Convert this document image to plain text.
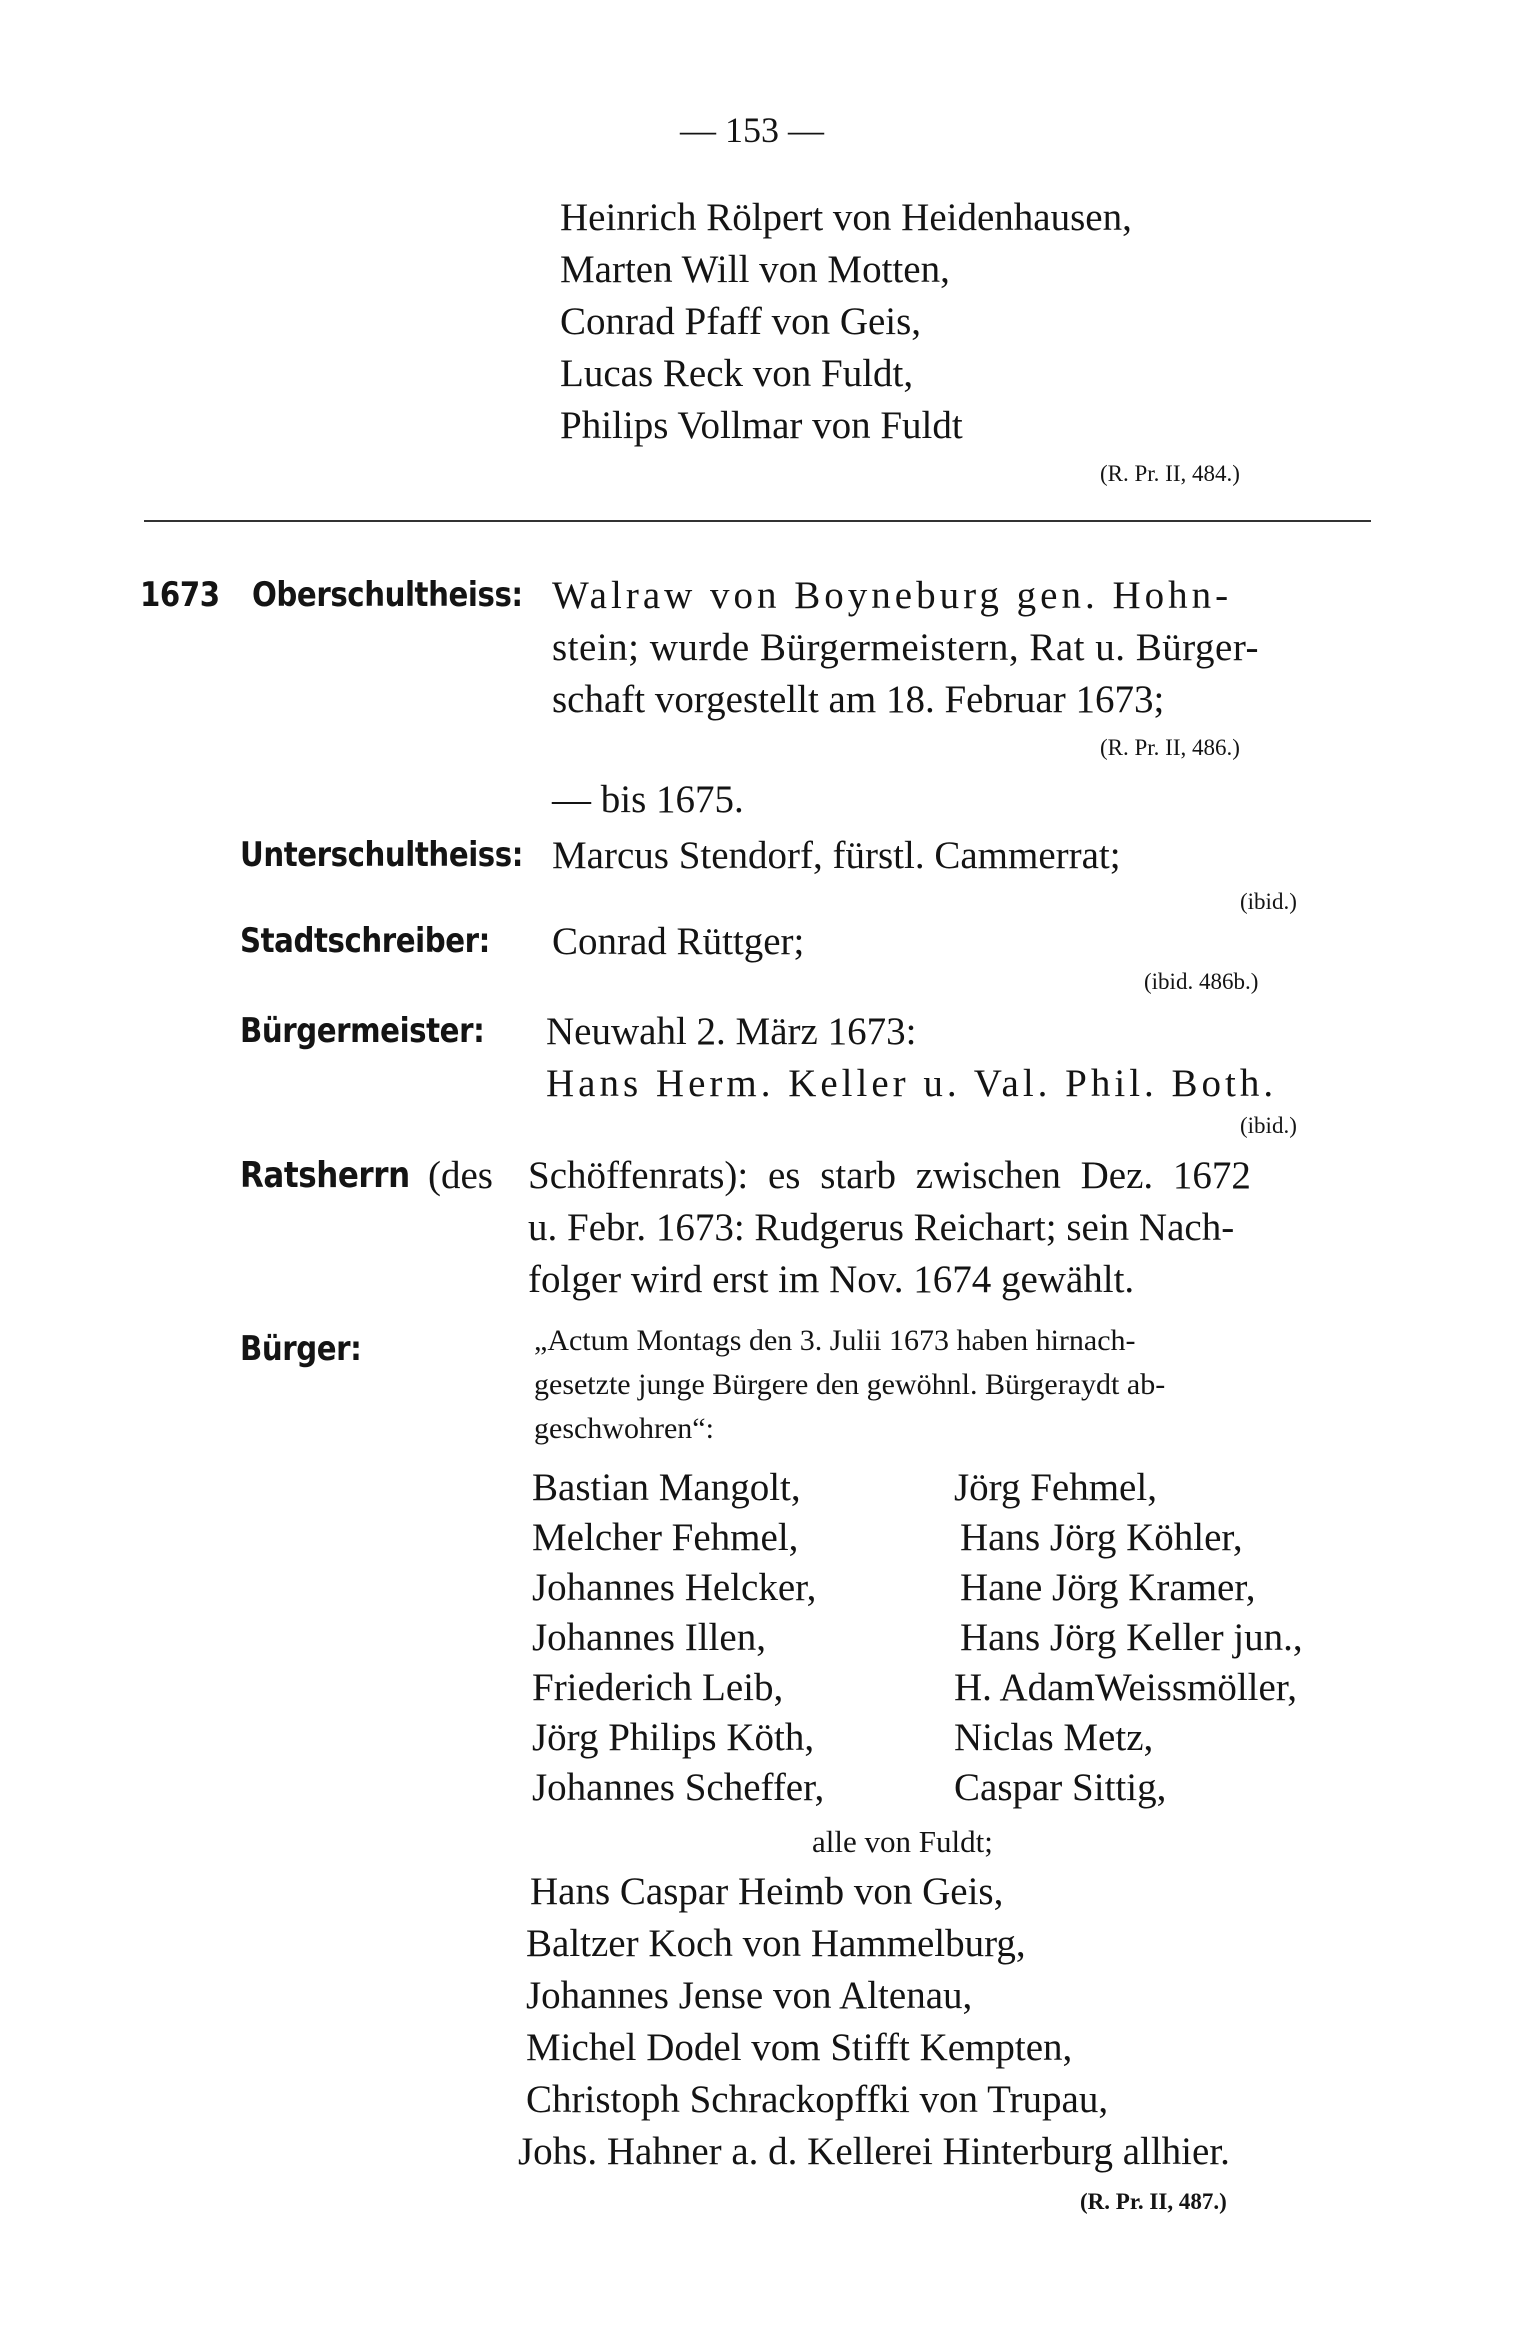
— 153 —
Heinrich Rölpert von Heidenhausen,
Marten Will von Motten,
Conrad Pfaff von Geis,
Lucas Reck von Fuldt,
Philips Vollmar von Fuldt
(R. Pr. II, 484.)
1673 Oberschultheiss: Walraw von Boyneburg gen. Hohn-
stein; wurde Bürgermeistern, Rat u. Bürger-
schaft vorgestellt am 18. Februar 1673;
(R. Pr. II, 486.)
— bis 1675.
Unterschultheiss: Marcus Stendorf, fürstl. Cammerrat;
(ibid.)
Stadtschreiber: Conrad Rüttger;
(ibid. 486b.)
Bürgermeister: Neuwahl 2. März 1673:
Hans Herm. Keller u. Val. Phil. Both.
(ibid.)
Ratsherrn (des Schöffenrats): es starb zwischen Dez. 1672
u. Febr. 1673: Rudgerus Reichart; sein Nach-
folger wird erst im Nov. 1674 gewählt.
Bürger:	„Actum Montags den 3. Julii 1673 haben hirnach-
gesetzte junge Bürgere den gewöhnl. Bürgeraydt ab-
geschwohren“:
Bastian Mangolt,
Melcher Fehmel,
Johannes Helcker,
Johannes Illen,
Friederich Leib,
Jörg Philips Köth,
Johannes Scheffer,
Jörg Fehmel,
Hans Jörg Köhler,
Hane Jörg Kramer,
Hans Jörg Keller jun.,
H. AdamWeissmöller,
Niclas Metz,
Caspar Sittig,
alle von Fuldt;
Hans Caspar Heimb von Geis,
Baltzer Koch von Hammelburg,
Johannes Jense von Altenau,
Michel Dodel vom Stifft Kempten,
Christoph Schrackopffki von Trupau,
Johs. Hahner a. d. Kellerei Hinterburg allhier.
(R. Pr. II, 487.)
